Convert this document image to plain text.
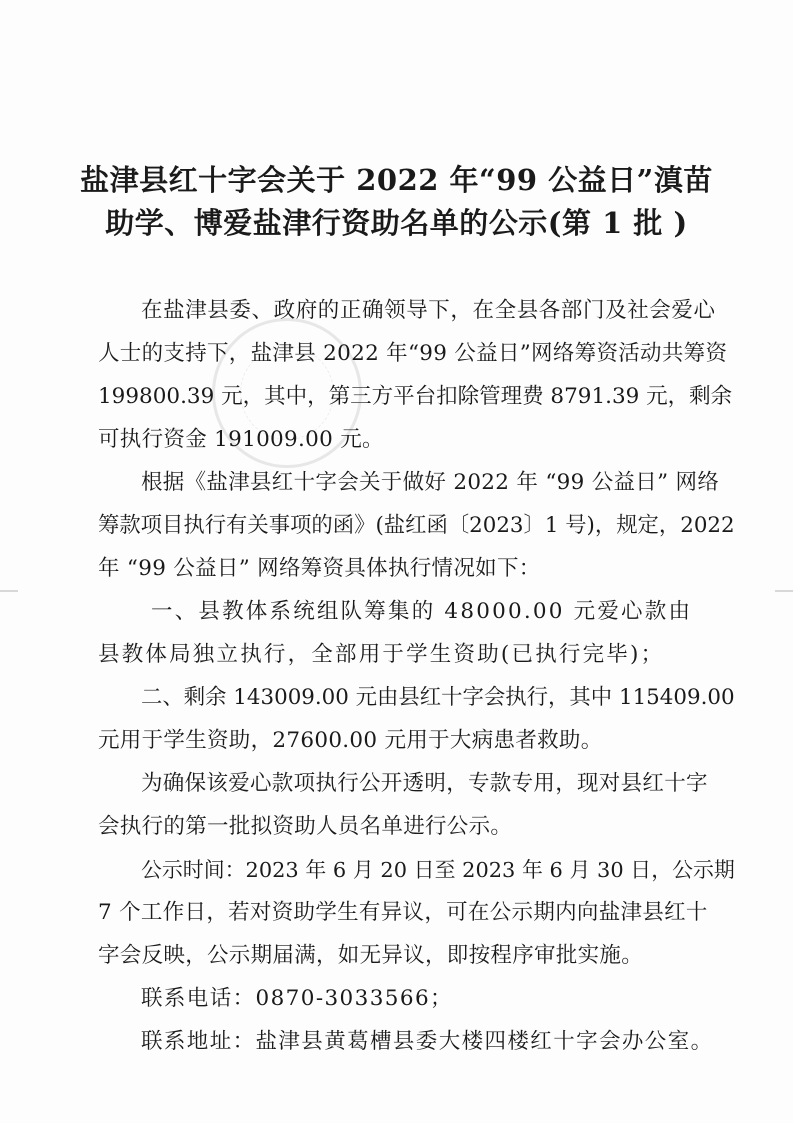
盐津县红十字会关于 2022 年“99 公益日”滇苗
助学、博爱盐津行资助名单的公示(第 1 批 )
在盐津县委、政府的正确领导下，在全县各部门及社会爱心
人士的支持下，盐津县 2022 年“99 公益日”网络筹资活动共筹资
199800.39 元，其中，第三方平台扣除管理费 8791.39 元，剩余
可执行资金 191009.00 元。
根据《盐津县红十字会关于做好 2022 年 “99 公益日” 网络
筹款项目执行有关事项的函》(盐红函〔2023〕1 号)，规定，2022
年 “99 公益日” 网络筹资具体执行情况如下：
一、县教体系统组队筹集的 48000.00 元爱心款由
县教体局独立执行，全部用于学生资助(已执行完毕)；
二、剩余 143009.00 元由县红十字会执行，其中 115409.00
元用于学生资助，27600.00 元用于大病患者救助。
为确保该爱心款项执行公开透明，专款专用，现对县红十字
会执行的第一批拟资助人员名单进行公示。
公示时间：2023 年 6 月 20 日至 2023 年 6 月 30 日，公示期
7 个工作日，若对资助学生有异议，可在公示期内向盐津县红十
字会反映，公示期届满，如无异议，即按程序审批实施。
联系电话：0870-3033566；
联系地址：盐津县黄葛槽县委大楼四楼红十字会办公室。
